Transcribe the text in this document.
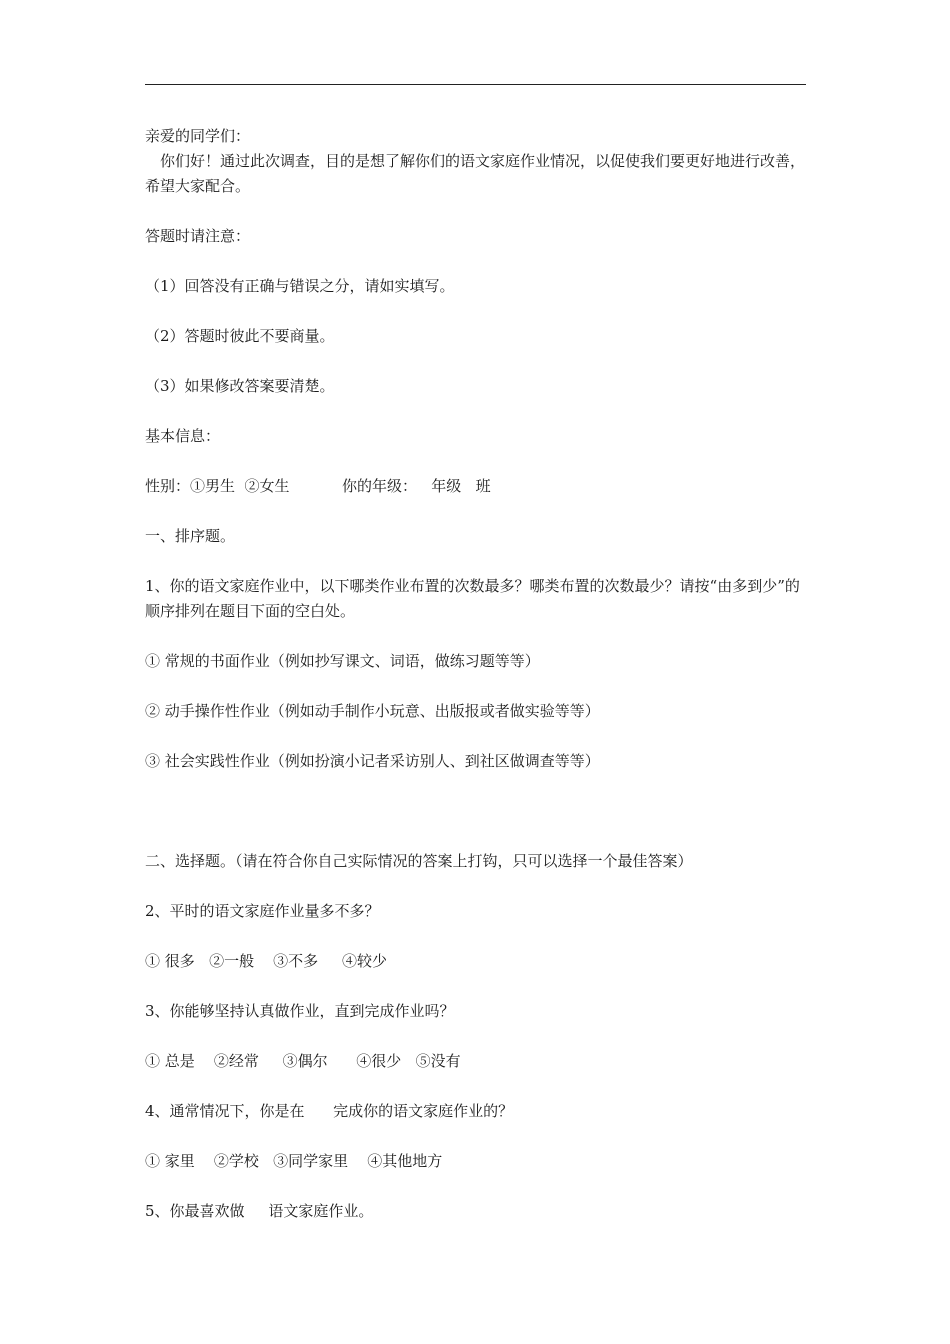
亲爱的同学们：

你们好！通过此次调查，目的是想了解你们的语文家庭作业情况，以促使我们要更好地进行改善，希望大家配合。

答题时请注意：

（1）回答没有正确与错误之分，请如实填写。

（2）答题时彼此不要商量。

（3）如果修改答案要清楚。

基本信息：

性别：①男生  ②女生           你的年级：   年级   班

一、排序题。

1、你的语文家庭作业中，以下哪类作业布置的次数最多？哪类布置的次数最少？请按“由多到少”的顺序排列在题目下面的空白处。

① 常规的书面作业（例如抄写课文、词语，做练习题等等）

② 动手操作性作业（例如动手制作小玩意、出版报或者做实验等等）

③ 社会实践性作业（例如扮演小记者采访别人、到社区做调查等等）

二、选择题。（请在符合你自己实际情况的答案上打钩，只可以选择一个最佳答案）

2、平时的语文家庭作业量多不多？

① 很多   ②一般    ③不多     ④较少

3、你能够坚持认真做作业，直到完成作业吗？

① 总是    ②经常     ③偶尔      ④很少   ⑤没有

4、通常情况下，你是在      完成你的语文家庭作业的？

① 家里    ②学校   ③同学家里    ④其他地方

5、你最喜欢做     语文家庭作业。
